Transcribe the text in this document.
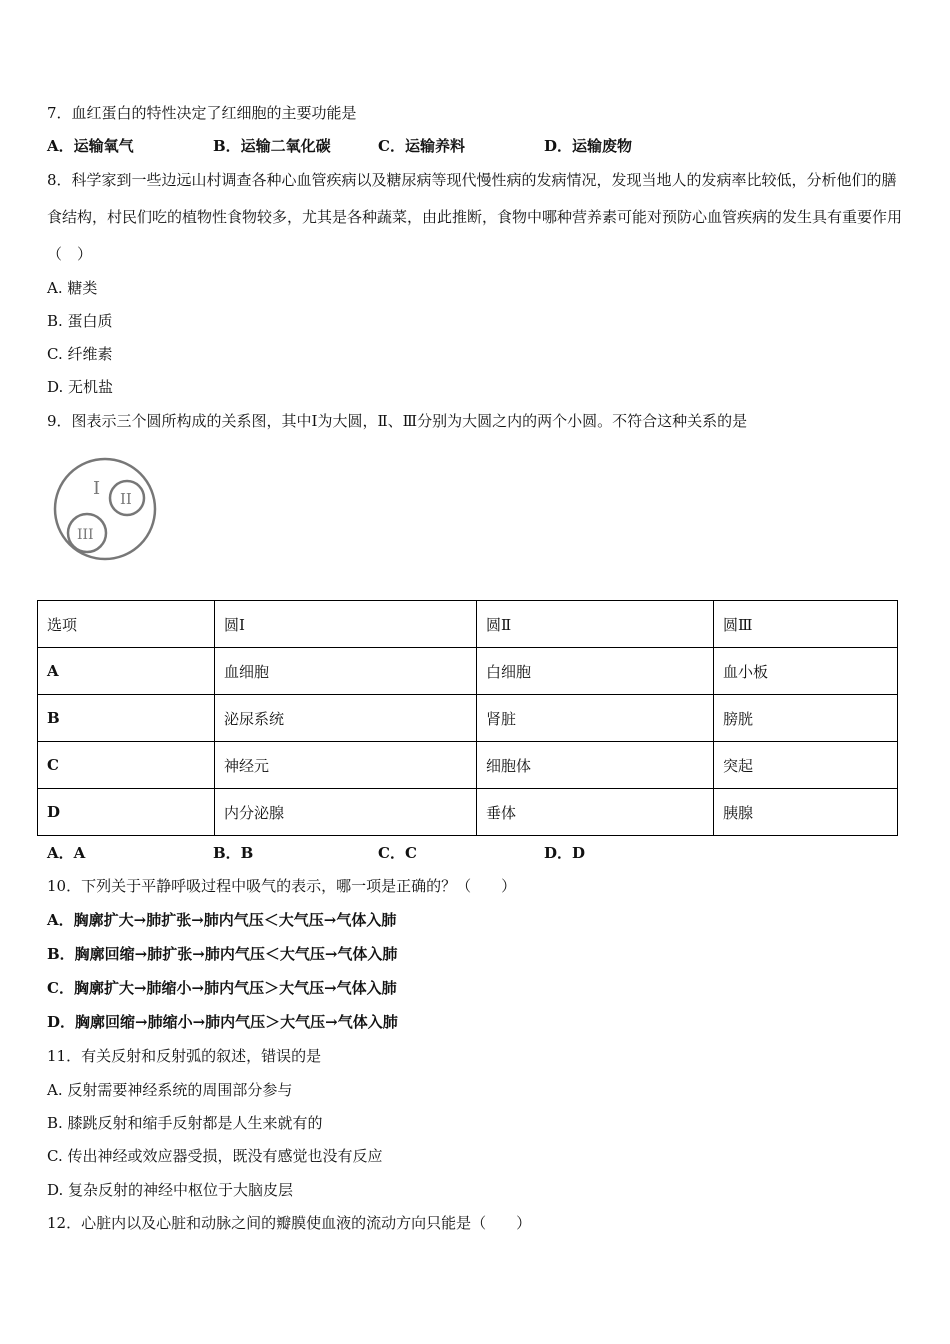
7．血红蛋白的特性决定了红细胞的主要功能是
A．运输氧气	B．运输二氧化碳	C．运输养料	D．运输废物
8．科学家到一些边远山村调查各种心血管疾病以及糖尿病等现代慢性病的发病情况，发现当地人的发病率比较低，分析他们的膳食结构，村民们吃的植物性食物较多，尤其是各种蔬菜，由此推断，食物中哪种营养素可能对预防心血管疾病的发生具有重要作用（　）
A. 糖类
B. 蛋白质
C. 纤维素
D. 无机盐
9．图表示三个圆所构成的关系图，其中Ⅰ为大圆，Ⅱ、Ⅲ分别为大圆之内的两个小圆。不符合这种关系的是
I II
III
选项	圆Ⅰ	圆Ⅱ	圆Ⅲ
A	血细胞	白细胞	血小板
B	泌尿系统	肾脏	膀胱
C	神经元	细胞体	突起
D	内分泌腺	垂体	胰腺
A．A	B．B	C．C	D．D
10．下列关于平静呼吸过程中吸气的表示，哪一项是正确的？（　　）
A．胸廓扩大→肺扩张→肺内气压＜大气压→气体入肺
B．胸廓回缩→肺扩张→肺内气压＜大气压→气体入肺
C．胸廓扩大→肺缩小→肺内气压＞大气压→气体入肺
D．胸廓回缩→肺缩小→肺内气压＞大气压→气体入肺
11．有关反射和反射弧的叙述，错误的是
A. 反射需要神经系统的周围部分参与
B. 膝跳反射和缩手反射都是人生来就有的
C. 传出神经或效应器受损，既没有感觉也没有反应
D. 复杂反射的神经中枢位于大脑皮层
12．心脏内以及心脏和动脉之间的瓣膜使血液的流动方向只能是（　　）
